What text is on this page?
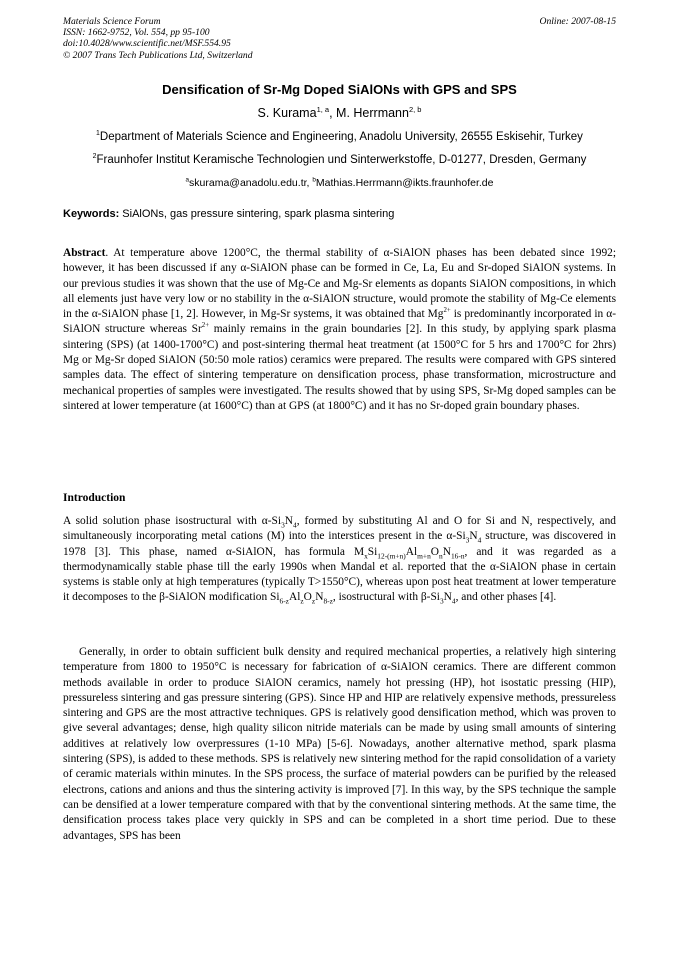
Materials Science Forum
ISSN: 1662-9752, Vol. 554, pp 95-100
doi:10.4028/www.scientific.net/MSF.554.95
© 2007 Trans Tech Publications Ltd, Switzerland
Online: 2007-08-15
Densification of Sr-Mg Doped SiAlONs with GPS and SPS
S. Kurama$^{1, a}$, M. Herrmann$^{2, b}$
$^1$Department of Materials Science and Engineering, Anadolu University, 26555 Eskisehir, Turkey
$^2$Fraunhofer Institut Keramische Technologien und Sinterwerkstoffe, D-01277, Dresden, Germany
$^a$skurama@anadolu.edu.tr, $^b$Mathias.Herrmann@ikts.fraunhofer.de
Keywords: SiAlONs, gas pressure sintering, spark plasma sintering
Abstract. At temperature above 1200°C, the thermal stability of α-SiAlON phases has been debated since 1992; however, it has been discussed if any α-SiAlON phase can be formed in Ce, La, Eu and Sr-doped SiAlON systems. In our previous studies it was shown that the use of Mg-Ce and Mg-Sr elements as dopants SiAlON compositions, in which all elements just have very low or no stability in the α-SiAlON structure, would promote the stability of Mg-Ce elements in the α-SiAlON phase [1, 2]. However, in Mg-Sr systems, it was obtained that $Mg^{2+}$ is predominantly incorporated in α-SiAlON structure whereas $Sr^{2+}$ mainly remains in the grain boundaries [2]. In this study, by applying spark plasma sintering (SPS) (at 1400-1700°C) and post-sintering thermal heat treatment (at 1500°C for 5 hrs and 1700°C for 2hrs) Mg or Mg-Sr doped SiAlON (50:50 mole ratios) ceramics were prepared. The results were compared with GPS sintered samples data. The effect of sintering temperature on densification process, phase transformation, microstructure and mechanical properties of samples were investigated. The results showed that by using SPS, Sr-Mg doped samples can be sintered at lower temperature (at 1600°C) than at GPS (at 1800°C) and it has no Sr-doped grain boundary phases.
Introduction
A solid solution phase isostructural with $\alpha-Si_3N_4$, formed by substituting Al and O for Si and N, respectively, and simultaneously incorporating metal cations (M) into the interstices present in the $\alpha-Si_3N_4$ structure, was discovered in 1978 [3]. This phase, named α-SiAlON, has formula $M_xSi_{12-(m+n)}Al_{m+n}O_nN_{16-n}$, and it was regarded as a thermodynamically stable phase till the early 1990s when Mandal et al. reported that the α-SiAlON phase in certain systems is stable only at high temperatures (typically T>1550°C), whereas upon post heat treatment at lower temperature it decomposes to the β-SiAlON modification $Si_{6-z}Al_zO_zN_{8-z}$, isostructural with $\beta-Si_3N_4$, and other phases [4].
Generally, in order to obtain sufficient bulk density and required mechanical properties, a relatively high sintering temperature from 1800 to 1950°C is necessary for fabrication of α-SiAlON ceramics. There are different common methods available in order to produce SiAlON ceramics, namely hot pressing (HP), hot isostatic pressing (HIP), pressureless sintering and gas pressure sintering (GPS). Since HP and HIP are relatively expensive methods, pressureless sintering and GPS are the most attractive techniques. GPS is relatively good densification method, which was proven to give several advantages; dense, high quality silicon nitride materials can be made by using small amounts of sintering additives at relatively low overpressures (1-10 MPa) [5-6]. Nowadays, another alternative method, spark plasma sintering (SPS), is added to these methods. SPS is relatively new sintering method for the rapid consolidation of a variety of ceramic materials within minutes. In the SPS process, the surface of material powders can be purified by the released electrons, cations and anions and thus the sintering activity is improved [7]. In this way, by the SPS technique the sample can be densified at a lower temperature compared with that by the conventional sintering methods. At the same time, the densification process takes place very quickly in SPS and can be completed in a short time period. Due to these advantages, SPS has been
